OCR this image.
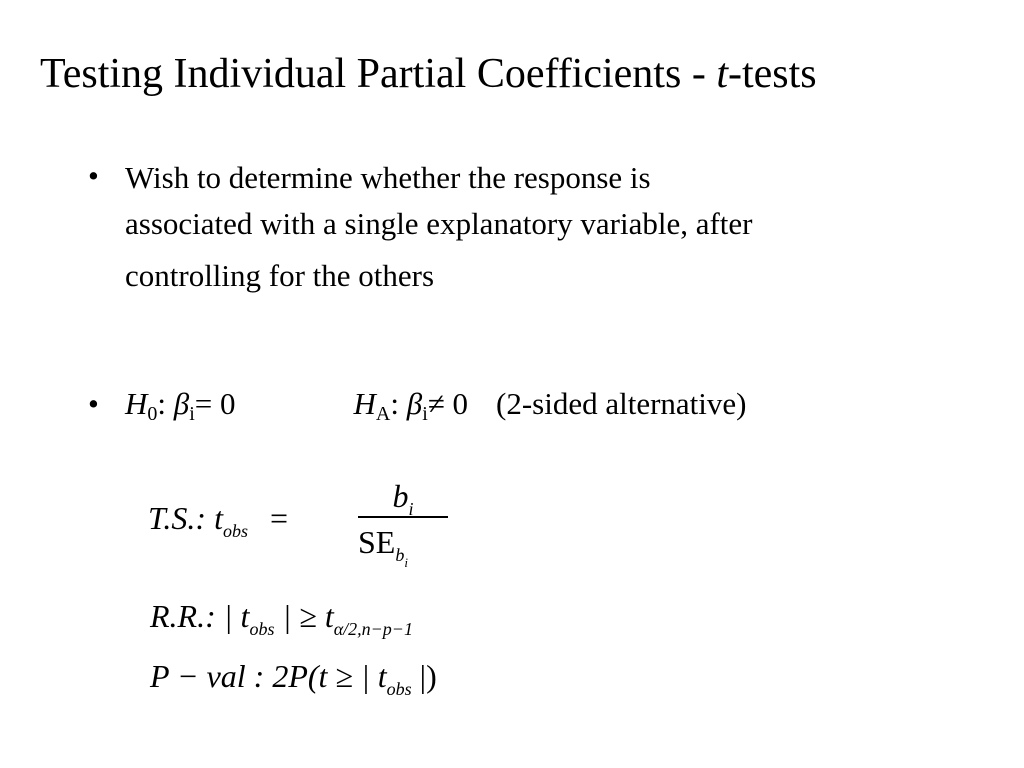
Testing Individual Partial Coefficients - t-tests
• Wish to determine whether the response is
associated with a single explanatory variable, after
controlling for the others
• $H_0$: $\beta_i= 0$	$H_A$: $\beta_i\ne 0$ (2-sided alternative)
T.S.: $t_{obs}$ =
$b_i$
$SE_{bi}$
R.R.: | $t_{obs}$ | ≥ $t_{\alpha/2,n-p-1}$
P − val : 2P(t ≥ | $t_{obs}$ |)
